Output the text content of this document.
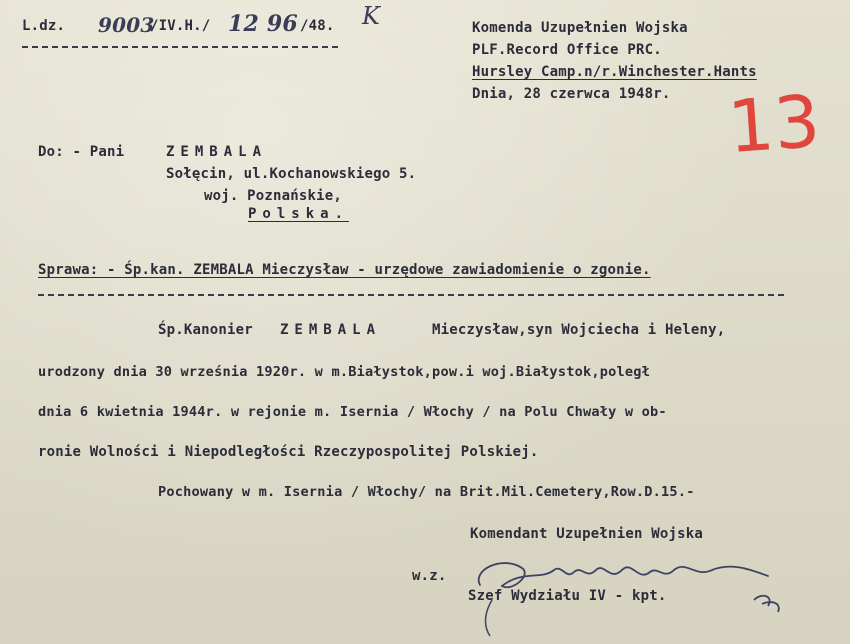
L.dz. 9003
/IV.H./ 12 96 /48. K	Komenda Uzupełnien Wojska
PLF.Record Office PRC.
Hursley Camp.n/r.Winchester.Hants
Dnia, 28 czerwca 1948r. 13
Do: - Pani	ZEMBALA
Sołęcin, ul.Kochanowskiego 5.
woj. Poznańskie,
Polska.
Sprawa: - Śp.kan. ZEMBALA Mieczysław - urzędowe zawiadomienie o zgonie.
Śp.Kanonier ZEMBALA	Mieczysław,syn Wojciecha i Heleny,
urodzony dnia 30 września 1920r. w m.Białystok,pow.i woj.Białystok,poległ
dnia 6 kwietnia 1944r. w rejonie m. Isernia / Włochy / na Polu Chwały w ob-
ronie Wolności i Niepodległości Rzeczypospolitej Polskiej.
Pochowany w m. Isernia / Włochy/ na Brit.Mil.Cemetery,Row.D.15.-
Komendant Uzupełnien Wojska
w.z.
Szef Wydziału IV - kpt.
